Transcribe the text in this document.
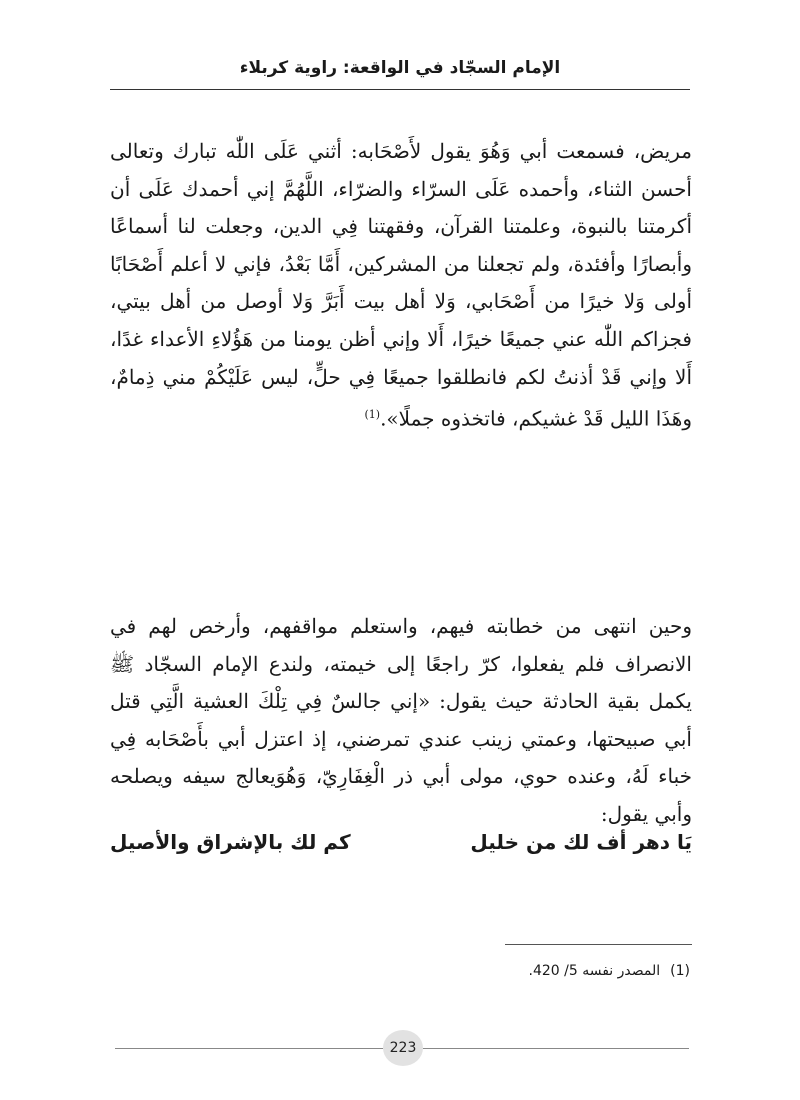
الإمام السجّاد في الواقعة: راوية كربلاء

مريض، فسمعت أبي وَهُوَ يقول لأَصْحَابه: أثني عَلَى اللّٰه تبارك وتعالى أحسن الثناء، وأحمده عَلَى السرّاء والضرّاء، اللَّهُمَّ إني أحمدك عَلَى أن أكرمتنا بالنبوة، وعلمتنا القرآن، وفقهتنا فِي الدين، وجعلت لنا أسماعًا وأبصارًا وأفئدة، ولم تجعلنا من المشركين، أَمَّا بَعْدُ، فإني لا أعلم أَصْحَابًا أولى وَلا خيرًا من أَصْحَابي، وَلا أهل بيت أَبَرَّ وَلا أوصل من أهل بيتي، فجزاكم اللّٰه عني جميعًا خيرًا، أَلا وإني أظن يومنا من هَؤُلاءِ الأعداء غدًا، أَلا وإني قَدْ أذنتُ لكم فانطلقوا جميعًا فِي حلٍّ، ليس عَلَيْكُمْ مني ذِمامٌ، وهَذَا الليل قَدْ غشيكم، فاتخذوه جملًا».$^{(1)}$

وحين انتهى من خطابته فيهم، واستعلم مواقفهم، وأرخص لهم في الانصراف فلم يفعلوا، كرّ راجعًا إلى خيمته، ولندع الإمام السجّاد ﷺ يكمل بقية الحادثة حيث يقول: «إني جالسٌ فِي تِلْكَ العشية الَّتِي قتل أبي صبيحتها، وعمتي زينب عندي تمرضني، إذ اعتزل أبي بأَصْحَابه فِي خباء لَهُ، وعنده حوي، مولى أبي ذر الْغِفَارِيّ، وَهُوَيعالج سيفه ويصلحه وأبي يقول:

يَا دهر أف لك من خليل
كم لك بالإشراق والأصيل
(1)المصدر نفسه 5/ 420.
223
